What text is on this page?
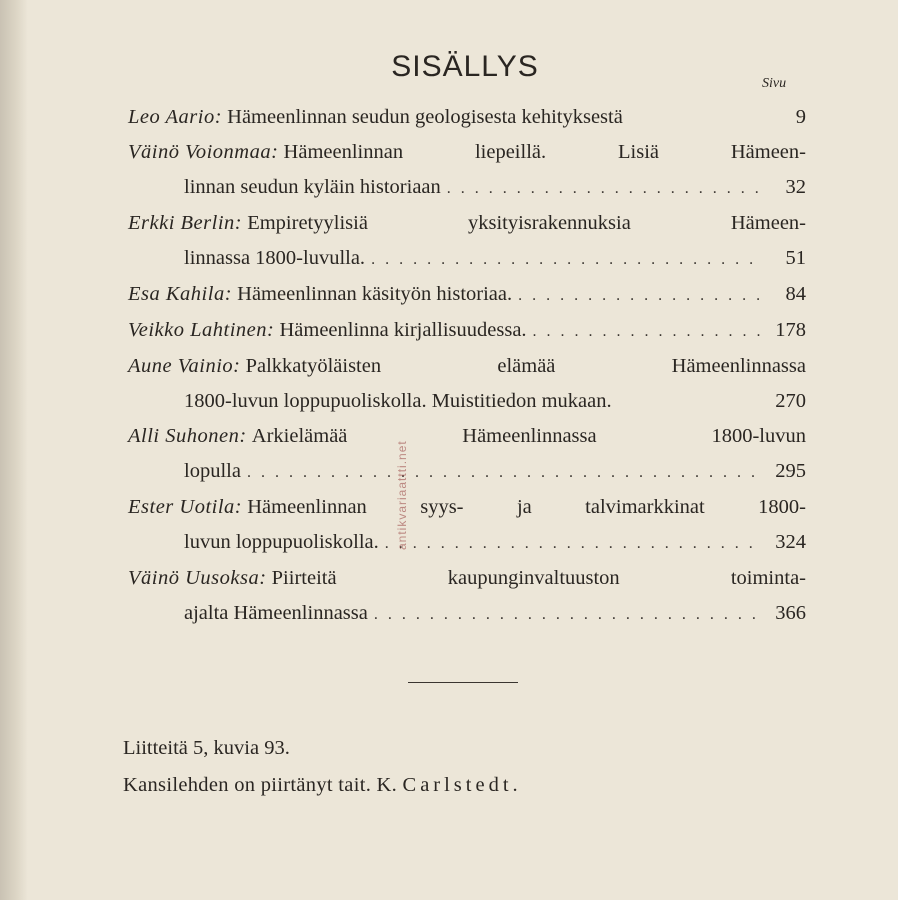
SISÄLLYS
Sivu
Leo Aario:
Hämeenlinnan seudun geologisesta kehityksestä	9
Väinö Voionmaa:
Hämeenlinnan liepeillä. Lisiä Hämeen-
linnan seudun kyläin historiaan . . .	32
Erkki Berlin:
Empiretyylisiä yksityisrakennuksia Hämeen-
linnassa 1800-luvulla. . . .	51
Esa Kahila:
Hämeenlinnan käsityön historiaa. . . .	84
Veikko Lahtinen:
Hämeenlinna kirjallisuudessa. . . .	178
Aune Vainio:
Palkkatyöläisten elämää Hämeenlinnassa
1800-luvun loppupuoliskolla. Muistitiedon mukaan.	270
Alli Suhonen:
Arkielämää Hämeenlinnassa 1800-luvun
lopulla . . .	295
Ester Uotila:
Hämeenlinnan syys- ja talvimarkkinat 1800-
luvun loppupuoliskolla. . . .	324
Väinö Uusoksa:
Piirteitä kaupunginvaltuuston toiminta-
ajalta Hämeenlinnassa . . .	366
Liitteitä 5, kuvia 93.
Kansilehden on piirtänyt tait. K. Carlstedt.
antikvariaattti.net
